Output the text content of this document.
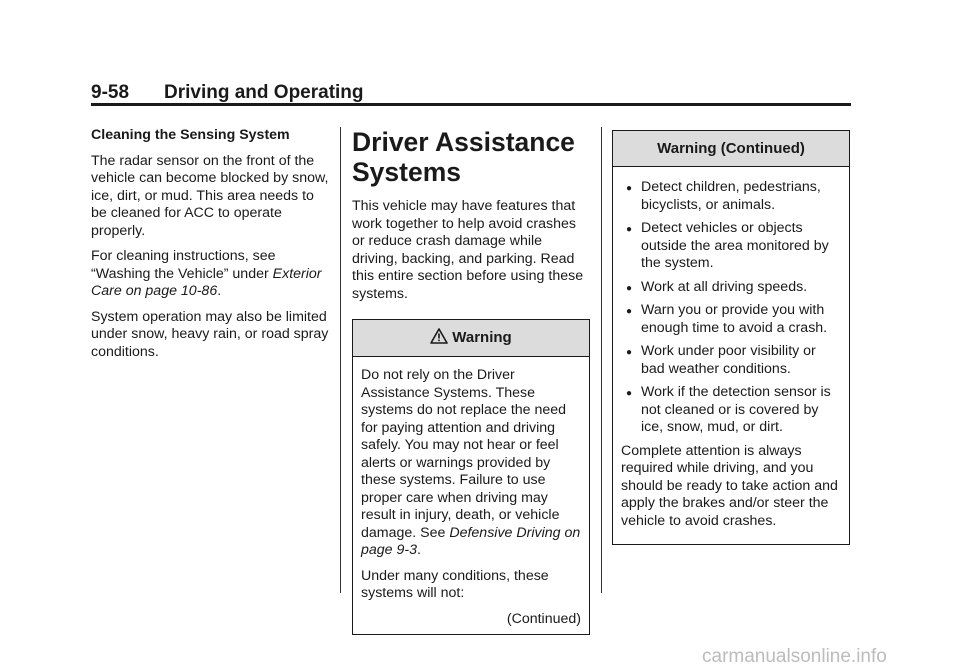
9-58 Driving and Operating
Cleaning the Sensing System

The radar sensor on the front of the vehicle can become blocked by snow, ice, dirt, or mud. This area needs to be cleaned for ACC to operate properly.

For cleaning instructions, see “Washing the Vehicle” under Exterior Care on page 10-86.

System operation may also be limited under snow, heavy rain, or road spray conditions.

Driver Assistance
Systems
This vehicle may have features that work together to help avoid crashes or reduce crash damage while driving, backing, and parking. Read this entire section before using these systems.
Warning

Do not rely on the Driver Assistance Systems. These systems do not replace the need for paying attention and driving safely. You may not hear or feel alerts or warnings provided by these systems. Failure to use proper care when driving may result in injury, death, or vehicle damage. See Defensive Driving on page 9-3.

Under many conditions, these systems will not:

(Continued)

Warning (Continued)
● Detect children, pedestrians, bicyclists, or animals.
● Detect vehicles or objects outside the area monitored by the system.
● Work at all driving speeds.
● Warn you or provide you with enough time to avoid a crash.
● Work under poor visibility or bad weather conditions.
● Work if the detection sensor is not cleaned or is covered by ice, snow, mud, or dirt.

Complete attention is always required while driving, and you should be ready to take action and apply the brakes and/or steer the vehicle to avoid crashes.

carmanualsonline.info
